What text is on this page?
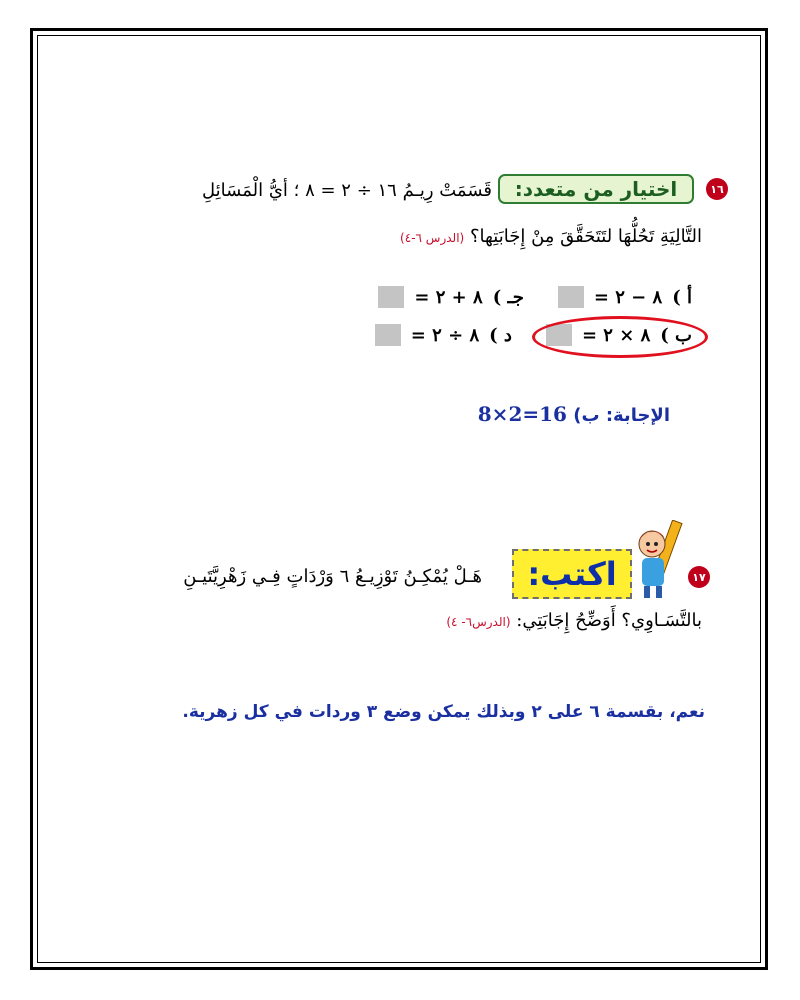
١٦
اختيار من متعدد:
قَسَمَتْ رِيـمُ ١٦ ÷ ٢ = ٨ ؛ أيُّ الْمَسَائِلِ
التَّالِيَةِ تَحُلُّهَا لتَتَحَقَّقَ مِنْ إِجَابَتِها؟ (الدرس ٦-٤)
٨ + ٢ = جـ )	٨ − ٢ = أ )
٨ ÷ ٢ = د )	٨ × ٢ = ب )
الإجابة: ب) 8×2=16
١٧
اكتب:
هَـلْ يُمْكِـنُ تَوْزِيـعُ ٦ وَرْدَاتٍ فِـي زَهْرِيَّتَيـنِ
بالتَّسَـاوِي؟ أَوَضِّحُ إِجَابَتِي: (الدرس٦- ٤)
نعم، بقسمة ٦ على ٢ وبذلك يمكن وضع ٣ وردات في كل زهرية.
